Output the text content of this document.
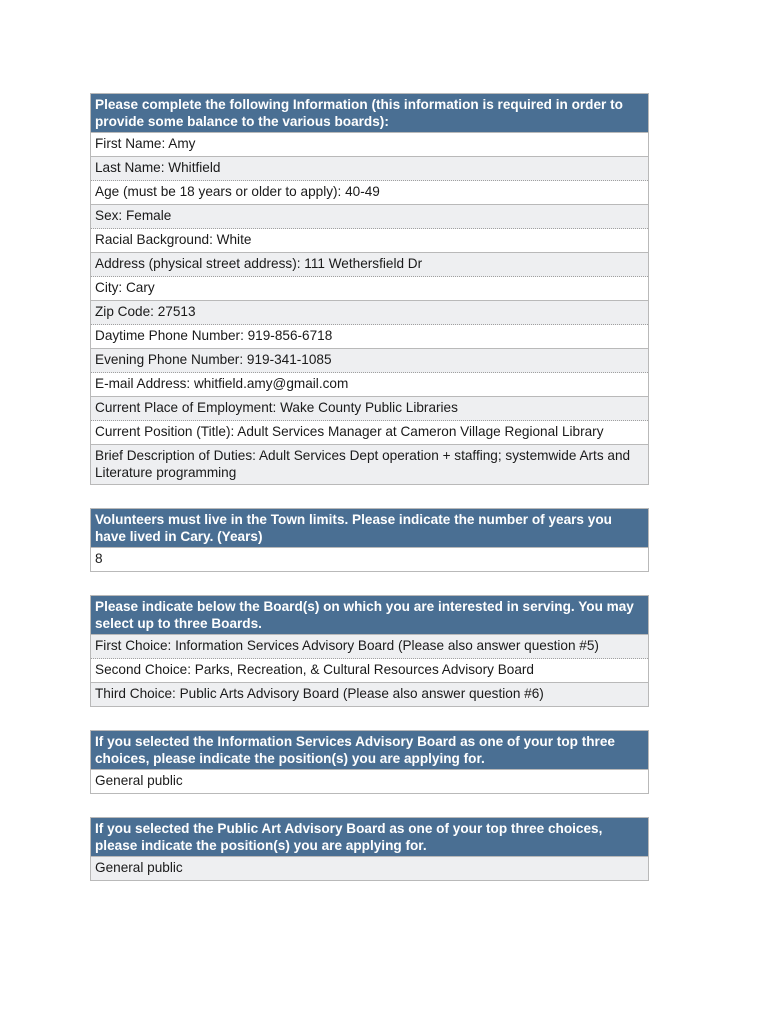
Please complete the following Information (this information is required in order to provide some balance to the various boards):
First Name: Amy
Last Name: Whitfield
Age (must be 18 years or older to apply): 40-49
Sex: Female
Racial Background: White
Address (physical street address): 111 Wethersfield Dr
City: Cary
Zip Code: 27513
Daytime Phone Number: 919-856-6718
Evening Phone Number: 919-341-1085
E-mail Address: whitfield.amy@gmail.com
Current Place of Employment: Wake County Public Libraries
Current Position (Title): Adult Services Manager at Cameron Village Regional Library
Brief Description of Duties: Adult Services Dept operation + staffing; systemwide Arts and Literature programming
Volunteers must live in the Town limits. Please indicate the number of years you have lived in Cary. (Years)
8
Please indicate below the Board(s) on which you are interested in serving. You may select up to three Boards.
First Choice: Information Services Advisory Board (Please also answer question #5)
Second Choice: Parks, Recreation, & Cultural Resources Advisory Board
Third Choice: Public Arts Advisory Board (Please also answer question #6)
If you selected the Information Services Advisory Board as one of your top three choices, please indicate the position(s) you are applying for.
General public
If you selected the Public Art Advisory Board as one of your top three choices, please indicate the position(s) you are applying for.
General public
